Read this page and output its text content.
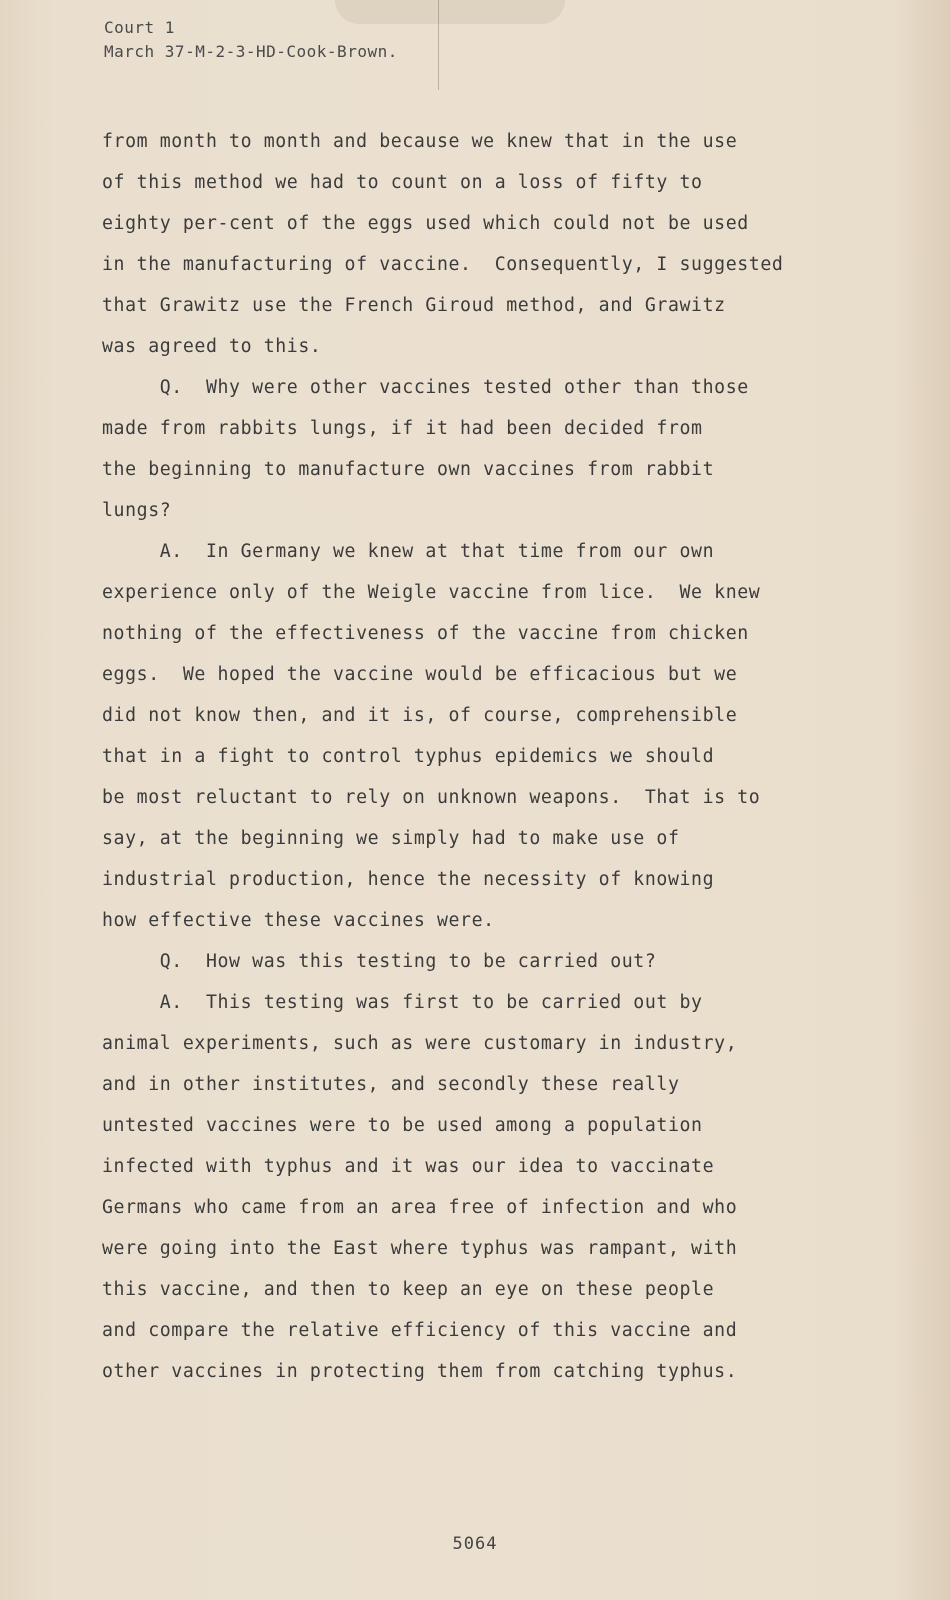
Court 1
March 37-M-2-3-HD-Cook-Brown.
from month to month and because we knew that in the use
of this method we had to count on a loss of fifty to
eighty per-cent of the eggs used which could not be used
in the manufacturing of vaccine.  Consequently, I suggested
that Grawitz use the French Giroud method, and Grawitz
was agreed to this.
Q.  Why were other vaccines tested other than those
made from rabbits lungs, if it had been decided from
the beginning to manufacture own vaccines from rabbit
lungs?
A.  In Germany we knew at that time from our own
experience only of the Weigle vaccine from lice.  We knew
nothing of the effectiveness of the vaccine from chicken
eggs.  We hoped the vaccine would be efficacious but we
did not know then, and it is, of course, comprehensible
that in a fight to control typhus epidemics we should
be most reluctant to rely on unknown weapons.  That is to
say, at the beginning we simply had to make use of
industrial production, hence the necessity of knowing
how effective these vaccines were.
Q.  How was this testing to be carried out?
A.  This testing was first to be carried out by
animal experiments, such as were customary in industry,
and in other institutes, and secondly these really
untested vaccines were to be used among a population
infected with typhus and it was our idea to vaccinate
Germans who came from an area free of infection and who
were going into the East where typhus was rampant, with
this vaccine, and then to keep an eye on these people
and compare the relative efficiency of this vaccine and
other vaccines in protecting them from catching typhus.
5064
